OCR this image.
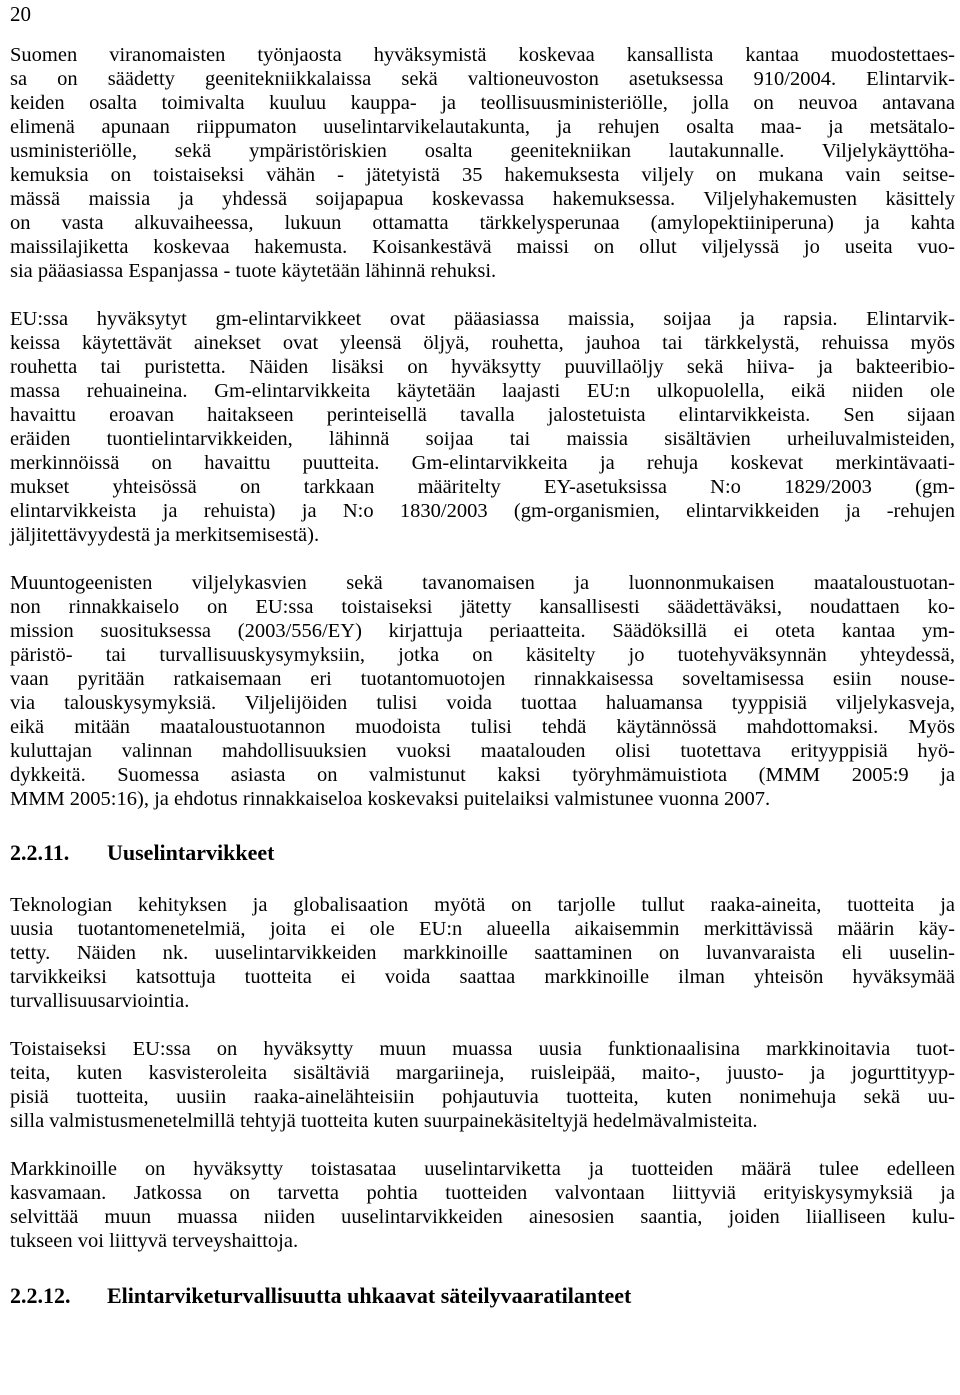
20
Suomen viranomaisten työnjaosta hyväksymistä koskevaa kansallista kantaa muodostettaes-
sa on säädetty geenitekniikkalaissa sekä valtioneuvoston asetuksessa 910/2004. Elintarvik-
keiden osalta toimivalta kuuluu kauppa- ja teollisuusministeriölle, jolla on neuvoa antavana
elimenä apunaan riippumaton uuselintarvikelautakunta, ja rehujen osalta maa- ja metsätalo-
usministeriölle, sekä ympäristöriskien osalta geenitekniikan lautakunnalle. Viljelykäyttöha-
kemuksia on toistaiseksi vähän - jätetyistä 35 hakemuksesta viljely on mukana vain seitse-
mässä maissia ja yhdessä soijapapua koskevassa hakemuksessa. Viljelyhakemusten käsittely
on vasta alkuvaiheessa, lukuun ottamatta tärkkelysperunaa (amylopektiiniperuna) ja kahta
maissilajiketta koskevaa hakemusta. Koisankestävä maissi on ollut viljelyssä jo useita vuo-
sia pääasiassa Espanjassa - tuote käytetään lähinnä rehuksi.
EU:ssa hyväksytyt gm-elintarvikkeet ovat pääasiassa maissia, soijaa ja rapsia. Elintarvik-
keissa käytettävät ainekset ovat yleensä öljyä, rouhetta, jauhoa tai tärkkelystä, rehuissa myös
rouhetta tai puristetta. Näiden lisäksi on hyväksytty puuvillaöljy sekä hiiva- ja bakteeribio-
massa rehuaineina. Gm-elintarvikkeita käytetään laajasti EU:n ulkopuolella, eikä niiden ole
havaittu eroavan haitakseen perinteisellä tavalla jalostetuista elintarvikkeista. Sen sijaan
eräiden tuontielintarvikkeiden, lähinnä soijaa tai maissia sisältävien urheiluvalmisteiden,
merkinnöissä on havaittu puutteita. Gm-elintarvikkeita ja rehuja koskevat merkintävaati-
mukset yhteisössä on tarkkaan määritelty EY-asetuksissa N:o 1829/2003 (gm-
elintarvikkeista ja rehuista) ja N:o 1830/2003 (gm-organismien, elintarvikkeiden ja -rehujen
jäljitettävyydestä ja merkitsemisestä).
Muuntogeenisten viljelykasvien sekä tavanomaisen ja luonnonmukaisen maataloustuotan-
non rinnakkaiselo on EU:ssa toistaiseksi jätetty kansallisesti säädettäväksi, noudattaen ko-
mission suosituksessa (2003/556/EY) kirjattuja periaatteita. Säädöksillä ei oteta kantaa ym-
päristö- tai turvallisuuskysymyksiin, jotka on käsitelty jo tuotehyväksynnän yhteydessä,
vaan pyritään ratkaisemaan eri tuotantomuotojen rinnakkaisessa soveltamisessa esiin nouse-
via talouskysymyksiä. Viljelijöiden tulisi voida tuottaa haluamansa tyyppisiä viljelykasveja,
eikä mitään maataloustuotannon muodoista tulisi tehdä käytännössä mahdottomaksi. Myös
kuluttajan valinnan mahdollisuuksien vuoksi maatalouden olisi tuotettava erityyppisiä hyö-
dykkeitä. Suomessa asiasta on valmistunut kaksi työryhmämuistiota (MMM 2005:9 ja
MMM 2005:16), ja ehdotus rinnakkaiseloa koskevaksi puitelaiksi valmistunee vuonna 2007.
2.2.11. Uuselintarvikkeet
Teknologian kehityksen ja globalisaation myötä on tarjolle tullut raaka-aineita, tuotteita ja
uusia tuotantomenetelmiä, joita ei ole EU:n alueella aikaisemmin merkittävissä määrin käy-
tetty. Näiden nk. uuselintarvikkeiden markkinoille saattaminen on luvanvaraista eli uuselin-
tarvikkeiksi katsottuja tuotteita ei voida saattaa markkinoille ilman yhteisön hyväksymää
turvallisuusarviointia.
Toistaiseksi EU:ssa on hyväksytty muun muassa uusia funktionaalisina markkinoitavia tuot-
teita, kuten kasvisteroleita sisältäviä margariineja, ruisleipää, maito-, juusto- ja jogurttityyp-
pisiä tuotteita, uusiin raaka-ainelähteisiin pohjautuvia tuotteita, kuten nonimehuja sekä uu-
silla valmistusmenetelmillä tehtyjä tuotteita kuten suurpainekäsiteltyjä hedelmävalmisteita.
Markkinoille on hyväksytty toistasataa uuselintarviketta ja tuotteiden määrä tulee edelleen
kasvamaan. Jatkossa on tarvetta pohtia tuotteiden valvontaan liittyviä erityiskysymyksiä ja
selvittää muun muassa niiden uuselintarvikkeiden ainesosien saantia, joiden liialliseen kulu-
tukseen voi liittyvä terveyshaittoja.
2.2.12. Elintarviketurvallisuutta uhkaavat säteilyvaaratilanteet
